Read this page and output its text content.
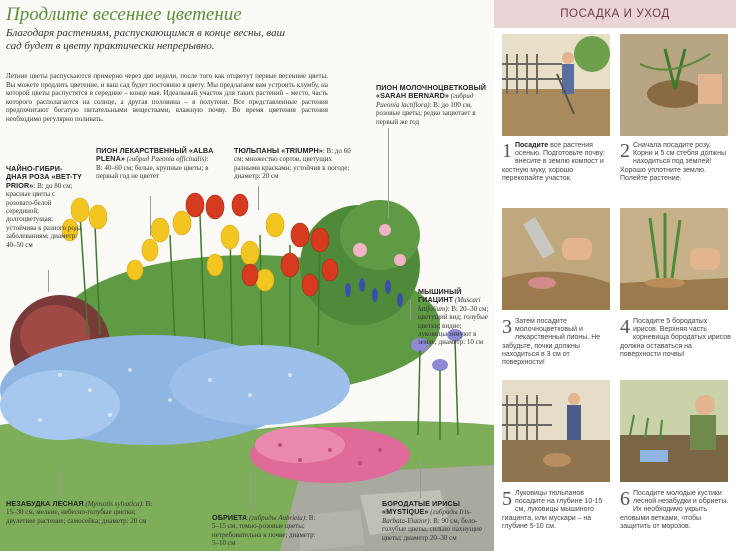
Продлите весеннее цветение
Благодаря растениям, распускающимся в конце весны, ваш сад будет в цвету практически непрерывно.
Летние цветы распускаются примерно через две недели, после того как отцветут первые весенние цветы. Вы можете продлить цветение, и ваш сад будет постоянно в цвету. Мы предлагаем вам устроить клумбу, на которой цветы распустятся в середине – конце мая. Идеальный участок для таких растений – место, часть которого располагается на солнце, а другая половина – в полутени. Все представленные растения предпочитают богатую питательными веществами, влажную почву. Во время цветения растения необходимо регулярно поливать.
ЧАЙНО-ГИБРИ-ДНАЯ РОЗА «BET-TY PRIOR»: В: до 80 см; красные цветы с розовато-белой серединой; долгоцветущая; устойчива к разного рода заболеваниям; диаметр: 40–50 см
ПИОН ЛЕКАРСТВЕННЫЙ «ALBA PLENA» (гибрид Paeonia officinalis): В: 40–60 см; белые, крупные цветы; в первый год не цветет
ТЮЛЬПАНЫ «TRIUMPH»: В: до 60 см; множество сортов, цветущих разными красками; устойчив к погоде; диаметр: 20 см
ПИОН МОЛОЧНОЦВЕТКОВЫЙ «SARAH BERNARD» (гибрид Paeonia lactiflora): В: до 100 см, розовые цветы; редко зацветает в первый же год
МЫШИНЫЙ ГИАЦИНТ (Muscari latifolium): В: 20–30 см; цветущий вид; голубые цветки; видие; луковицы зимуют в земле; диаметр: 10 см
НЕЗАБУДКА ЛЕСНАЯ (Myosotis sylvatica): В: 15–30 см, мелкие, небесно-голубые цветки; двулетнее растение; самосейка; диаметр: 20 см	ОБРИЕТА (гибриды Aubrieta): В: 5–15 см, темно-розовые цветы; нетребовательна к почве; диаметр: 5–10 см
БОРОДАТЫЕ ИРИСЫ «MYSTIQUE» (гибриды Iris-Barbata-Elatior): В: 90 см, бело-голубые цветы, сильно пахнущие цветы; диаметр 20–30 см
ПОСАДКА И УХОД
1 Посадите все растения осенью. Подготовьте почву: внесите в землю компост и костную муку, хорошо перекопайте участок.
2 Сначала посадите розу. Корни и 5 см стебля должны находиться под землей! Хорошо уплотните землю. Полейте растение.
3 Затем посадите молочноцветковый и лекарственный пионы. Не забудьте, почки должны находиться в 3 см от поверхности!
4 Посадите 5 бородатых ирисов. Верхняя часть корневища бородатых ирисов должна оставаться на поверхности почвы!
5 Луковицы тюльпанов посадите на глубине 10-15 см, луковицы мышиного гиацинта, или мускари – на глубине 5-10 см.
6 Посадите молодые кустики лесной незабудки и обриеты. Их необходимо укрыть еловыми ветками, чтобы защитить от морозов.
